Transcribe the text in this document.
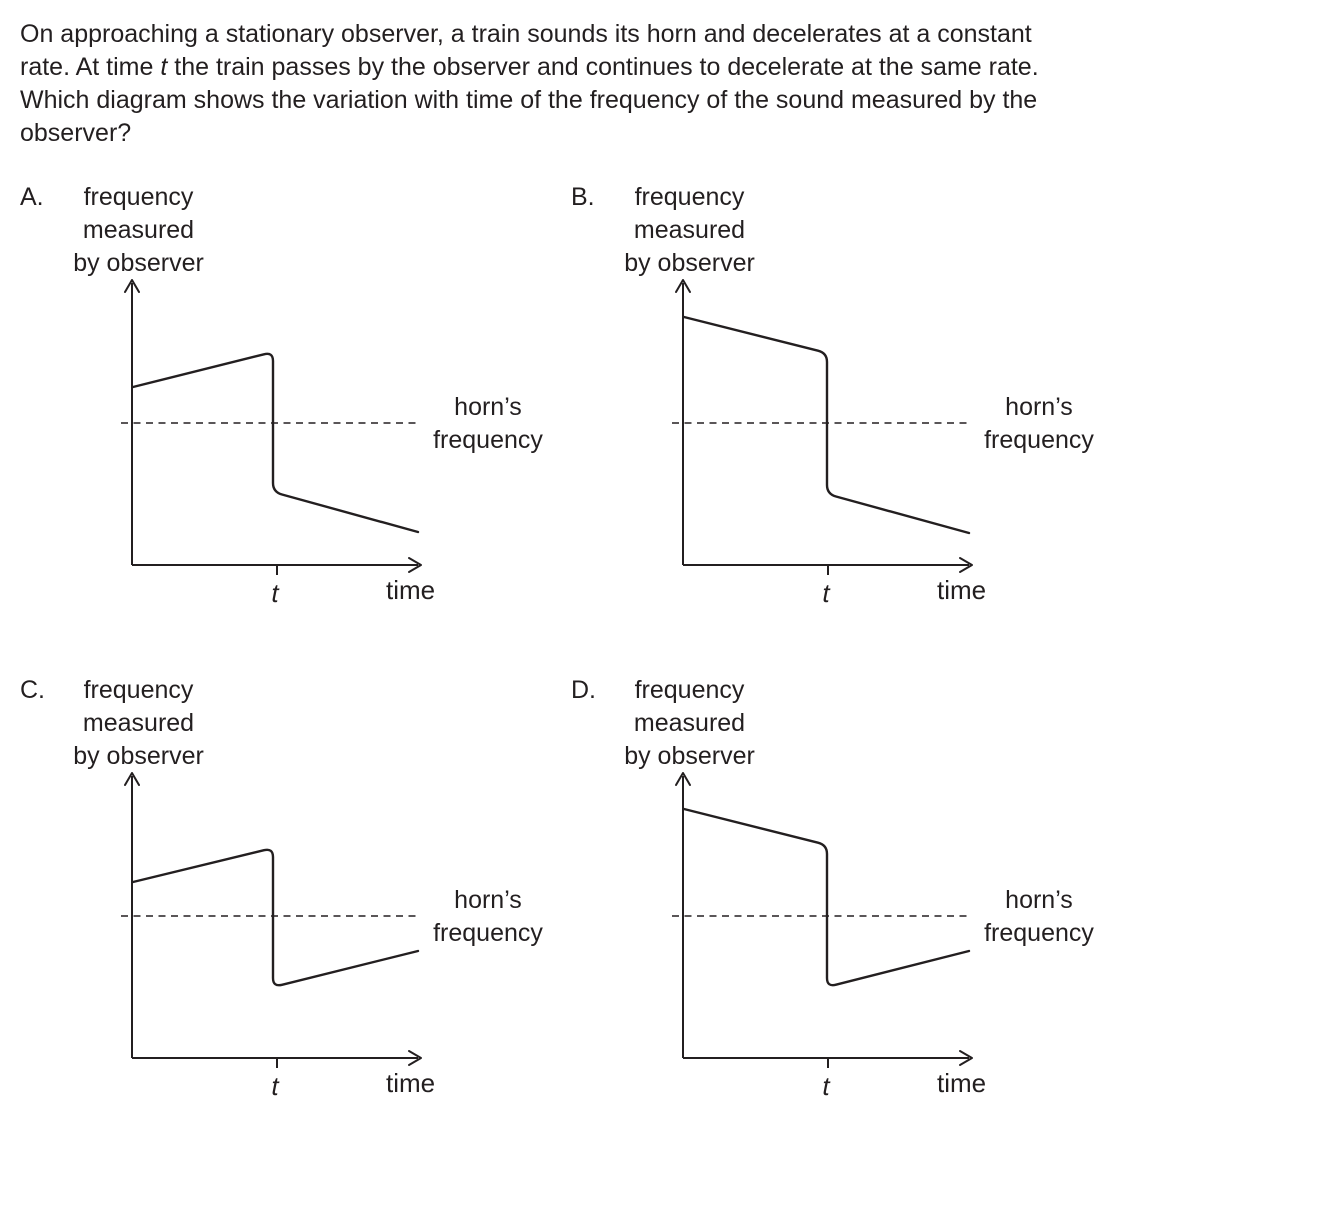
On approaching a stationary observer, a train sounds its horn and decelerates at a constant
rate. At time t the train passes by the observer and continues to decelerate at the same rate.
Which diagram shows the variation with time of the frequency of the sound measured by the
observer?
A.	frequency
measured
by observer
horn’s
frequency
t	time
B.	frequency
measured
by observer
horn’s
frequency
t	time
C.	frequency
measured
by observer
horn’s
frequency
t	time
D.	frequency
measured
by observer
horn’s
frequency
t	time
